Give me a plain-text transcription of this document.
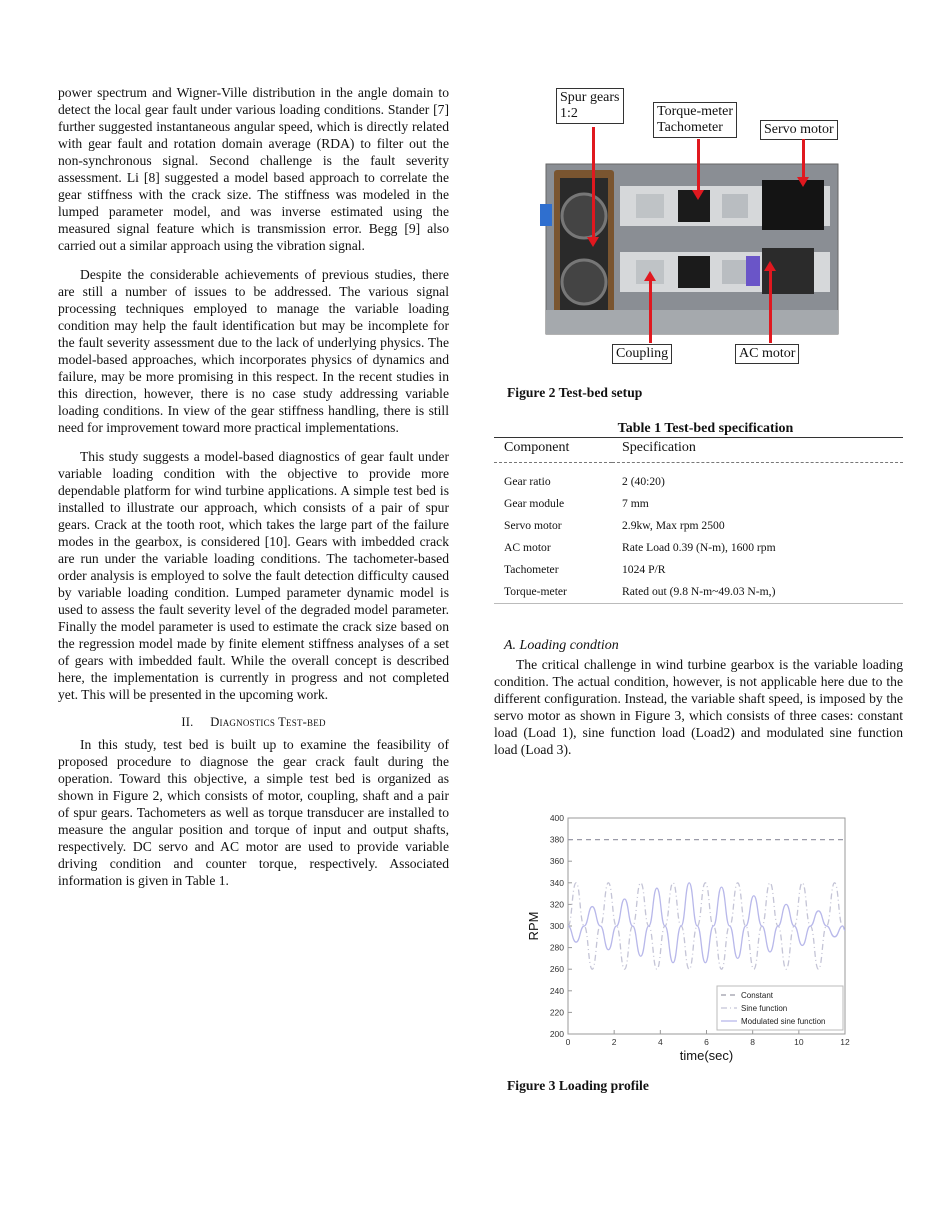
power spectrum and Wigner-Ville distribution in the angle domain to detect the local gear fault under various loading conditions. Stander [7] further suggested instantaneous angular speed, which is directly related with gear fault and rotation domain average (RDA) to filter out the non-synchronous signal. Second challenge is the fault severity assessment. Li [8] suggested a model based approach to correlate the gear stiffness with the crack size. The stiffness was modeled in the lumped parameter model, and was inverse estimated using the measured signal feature which is transmission error. Begg [9] also carried out a similar approach using the vibration signal.

Despite the considerable achievements of previous studies, there are still a number of issues to be addressed. The various signal processing techniques employed to manage the variable loading condition may help the fault identification but may be incomplete for the fault severity assessment due to the lack of underlying physics. The model-based approaches, which incorporates physics of dynamics and failure, may be more promising in this respect. In the recent studies in this direction, however, there is no case study addressing variable loading conditions. In view of the gear stiffness handling, there is still need for improvement toward more practical implementations.

This study suggests a model-based diagnostics of gear fault under variable loading condition with the objective to provide more dependable platform for wind turbine applications. A simple test bed is installed to illustrate our approach, which consists of a pair of spur gears. Crack at the tooth root, which takes the large part of the failure modes in the gearbox, is considered [10]. Gears with imbedded crack are run under the variable loading conditions. The tachometer-based order analysis is employed to solve the fault detection difficulty caused by variable loading condition. Lumped parameter dynamic model is used to assess the fault severity level of the degraded model parameter. Finally the model parameter is used to estimate the crack size based on the regression model made by finite element stiffness analyses of a set of gears with imbedded fault. While the overall concept is described here, the implementation is currently in progress and not completed yet. This will be presented in the upcoming work.

II. Diagnostics Test-bed

In this study, test bed is built up to examine the feasibility of proposed procedure to diagnose the gear crack fault during the operation. Toward this objective, a simple test bed is organized as shown in Figure 2, which consists of motor, coupling, shaft and a pair of spur gears. Tachometers as well as torque transducer are installed to measure the angular position and torque of input and output shafts, respectively. DC servo and AC motor are used to provide variable driving condition and counter torque, respectively. Associated information is given in Table 1.

Spur gears
1:2	Torque-meter
Tachometer	Servo motor
Coupling	AC motor
Figure 2 Test-bed setup
Table 1 Test-bed specification
Component	Specification

Gear ratio	2 (40:20)
Gear module	7 mm
Servo motor	2.9kw, Max rpm 2500
AC motor	Rate Load 0.39 (N-m), 1600 rpm
Tachometer	1024 P/R
Torque-meter	Rated out (9.8 N-m~49.03 N-m,)
A. Loading condtion

The critical challenge in wind turbine gearbox is the variable loading condition. The actual condition, however, is not applicable here due to the different configuration. Instead, the variable shaft speed, is imposed by the servo motor as shown in Figure 3, which consists of three cases: constant load (Load 1), sine function load (Load2) and modulated sine function load (Load 3).

200
220
240
260
280
300
320
340
360
380
400
0	2	4	6	8	10	12
time(sec)
RPM
Constant
Sine function
Modulated sine function
Figure 3 Loading profile
